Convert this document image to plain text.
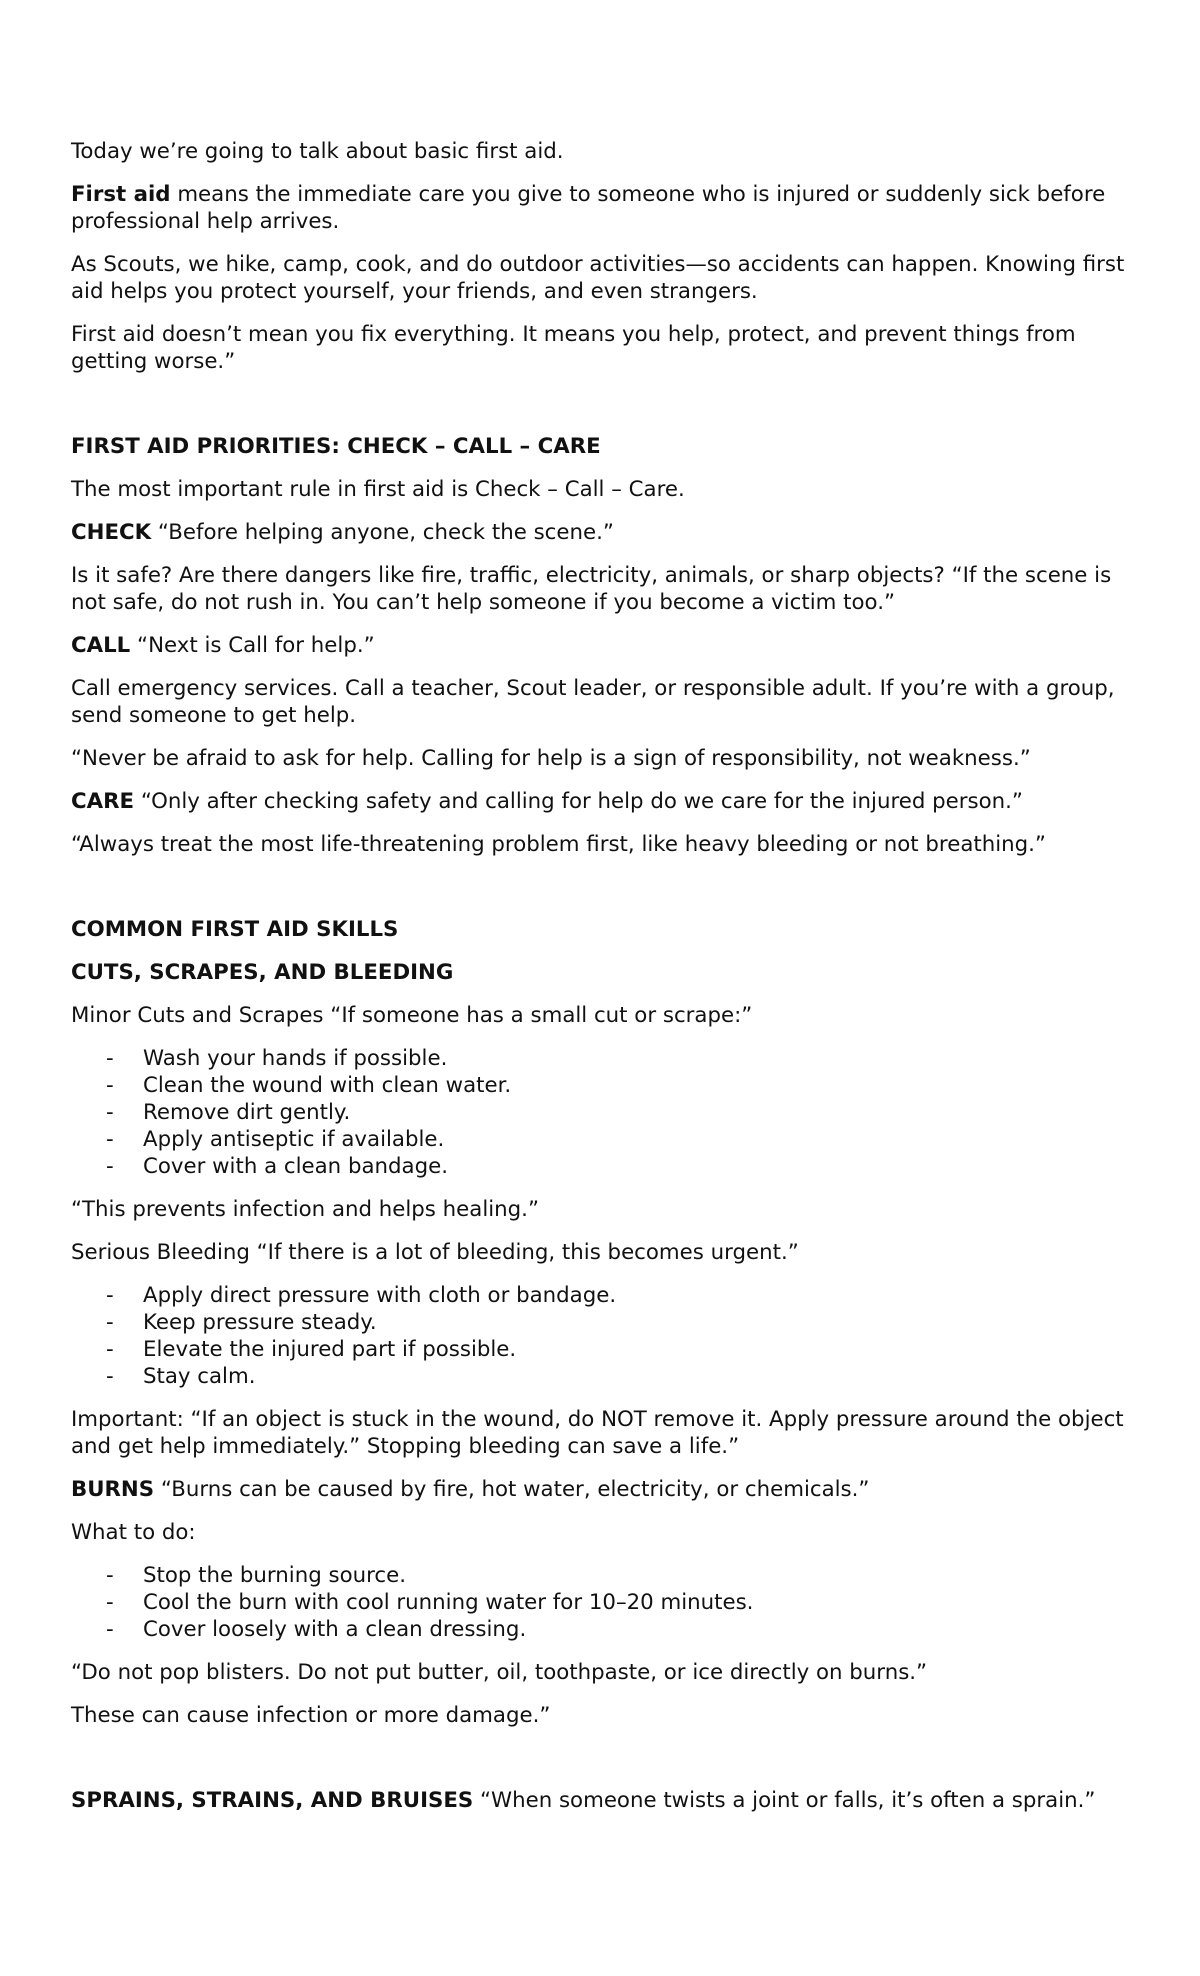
Today we’re going to talk about basic first aid.

First aid means the immediate care you give to someone who is injured or suddenly sick before professional help arrives.

As Scouts, we hike, camp, cook, and do outdoor activities—so accidents can happen. Knowing first aid helps you protect yourself, your friends, and even strangers.

First aid doesn’t mean you fix everything. It means you help, protect, and prevent things from getting worse.”

FIRST AID PRIORITIES: CHECK – CALL – CARE

The most important rule in first aid is Check – Call – Care.

CHECK “Before helping anyone, check the scene.”

Is it safe? Are there dangers like fire, traffic, electricity, animals, or sharp objects? “If the scene is not safe, do not rush in. You can’t help someone if you become a victim too.”

CALL “Next is Call for help.”

Call emergency services. Call a teacher, Scout leader, or responsible adult. If you’re with a group, send someone to get help.

“Never be afraid to ask for help. Calling for help is a sign of responsibility, not weakness.”

CARE “Only after checking safety and calling for help do we care for the injured person.”

“Always treat the most life-threatening problem first, like heavy bleeding or not breathing.”

COMMON FIRST AID SKILLS

CUTS, SCRAPES, AND BLEEDING

Minor Cuts and Scrapes “If someone has a small cut or scrape:”

- Wash your hands if possible.
- Clean the wound with clean water.
- Remove dirt gently.
- Apply antiseptic if available.
- Cover with a clean bandage.

“This prevents infection and helps healing.”

Serious Bleeding “If there is a lot of bleeding, this becomes urgent.”

- Apply direct pressure with cloth or bandage.
- Keep pressure steady.
- Elevate the injured part if possible.
- Stay calm.

Important: “If an object is stuck in the wound, do NOT remove it. Apply pressure around the object and get help immediately.” Stopping bleeding can save a life.”

BURNS “Burns can be caused by fire, hot water, electricity, or chemicals.”

What to do:

- Stop the burning source.
- Cool the burn with cool running water for 10–20 minutes.
- Cover loosely with a clean dressing.

“Do not pop blisters. Do not put butter, oil, toothpaste, or ice directly on burns.”

These can cause infection or more damage.”

SPRAINS, STRAINS, AND BRUISES “When someone twists a joint or falls, it’s often a sprain.”
